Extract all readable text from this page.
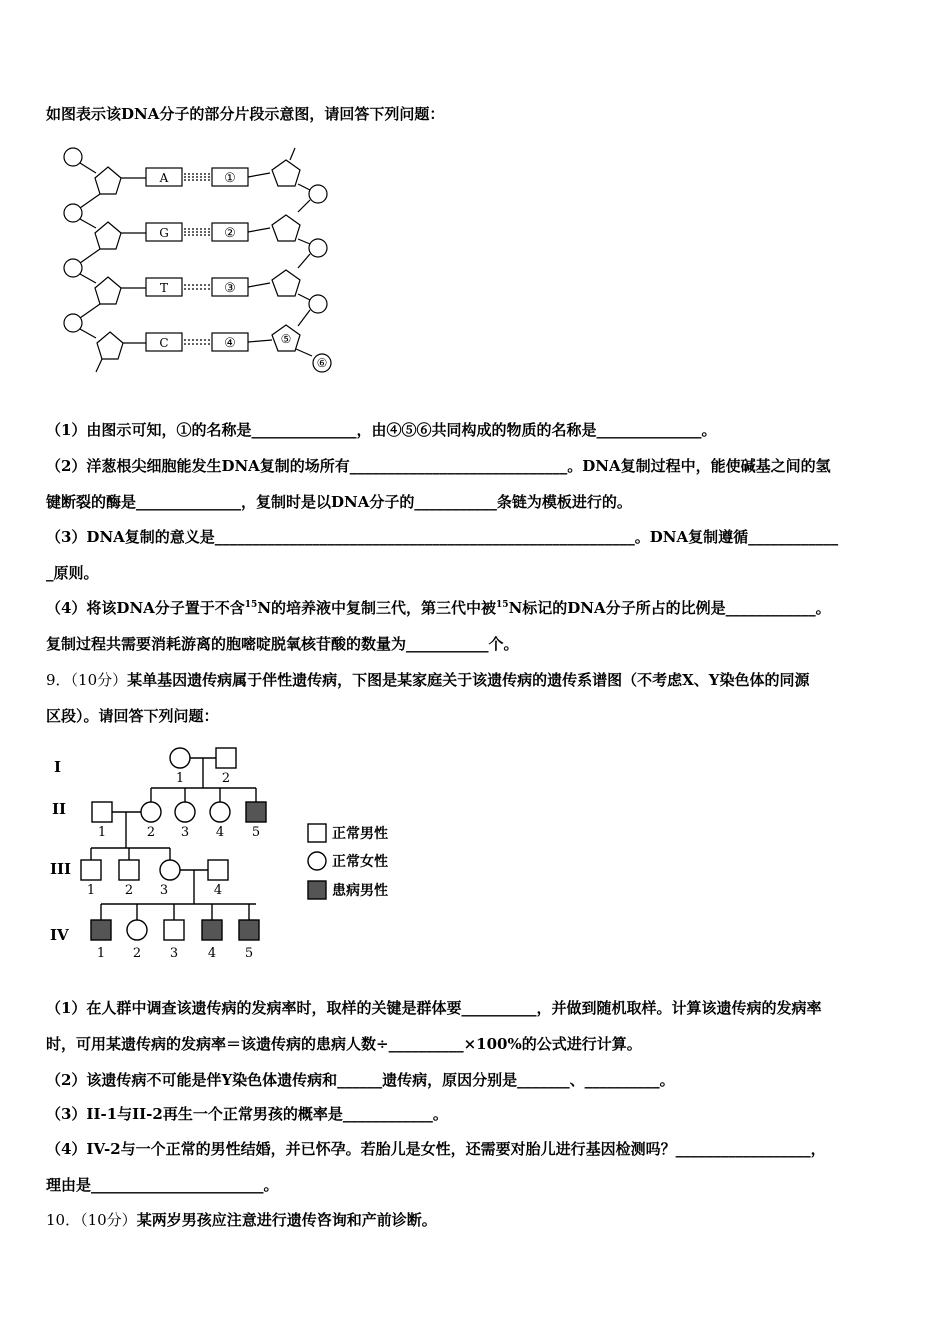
如图表示该DNA分子的部分片段示意图，请回答下列问题：
A
G
T
C
①
②
③
④	⑤
⑥
（1）由图示可知，①的名称是______________，由④⑤⑥共同构成的物质的名称是______________。
（2）洋葱根尖细胞能发生DNA复制的场所有_____________________________。DNA复制过程中，能使碱基之间的氢
键断裂的酶是______________，复制时是以DNA分子的___________条链为模板进行的。
（3）DNA复制的意义是________________________________________________________。DNA复制遵循____________
_原则。
（4）将该DNA分子置于不含$^{15}$N的培养液中复制三代，第三代中被$^{15}$N标记的DNA分子所占的比例是____________。
复制过程共需要消耗游离的胞嘧啶脱氧核苷酸的数量为___________个。
9．（10分）某单基因遗传病属于伴性遗传病，下图是某家庭关于该遗传病的遗传系谱图（不考虑X、Y染色体的同源
区段）。请回答下列问题：
I
II
III
IV
1	2
1	2 3 4 5
1 2 3	4
1 2 3 4 5
正常男性
正常女性
患病男性
（1）在人群中调查该遗传病的发病率时，取样的关键是群体要__________，并做到随机取样。计算该遗传病的发病率
时，可用某遗传病的发病率＝该遗传病的患病人数÷__________×100%的公式进行计算。
（2）该遗传病不可能是伴Y染色体遗传病和______遗传病，原因分别是_______、__________。
（3）II-1与II-2再生一个正常男孩的概率是____________。
（4）IV-2与一个正常的男性结婚，并已怀孕。若胎儿是女性，还需要对胎儿进行基因检测吗？__________________，
理由是_______________________。
10．（10分）某两岁男孩应注意进行遗传咨询和产前诊断。
